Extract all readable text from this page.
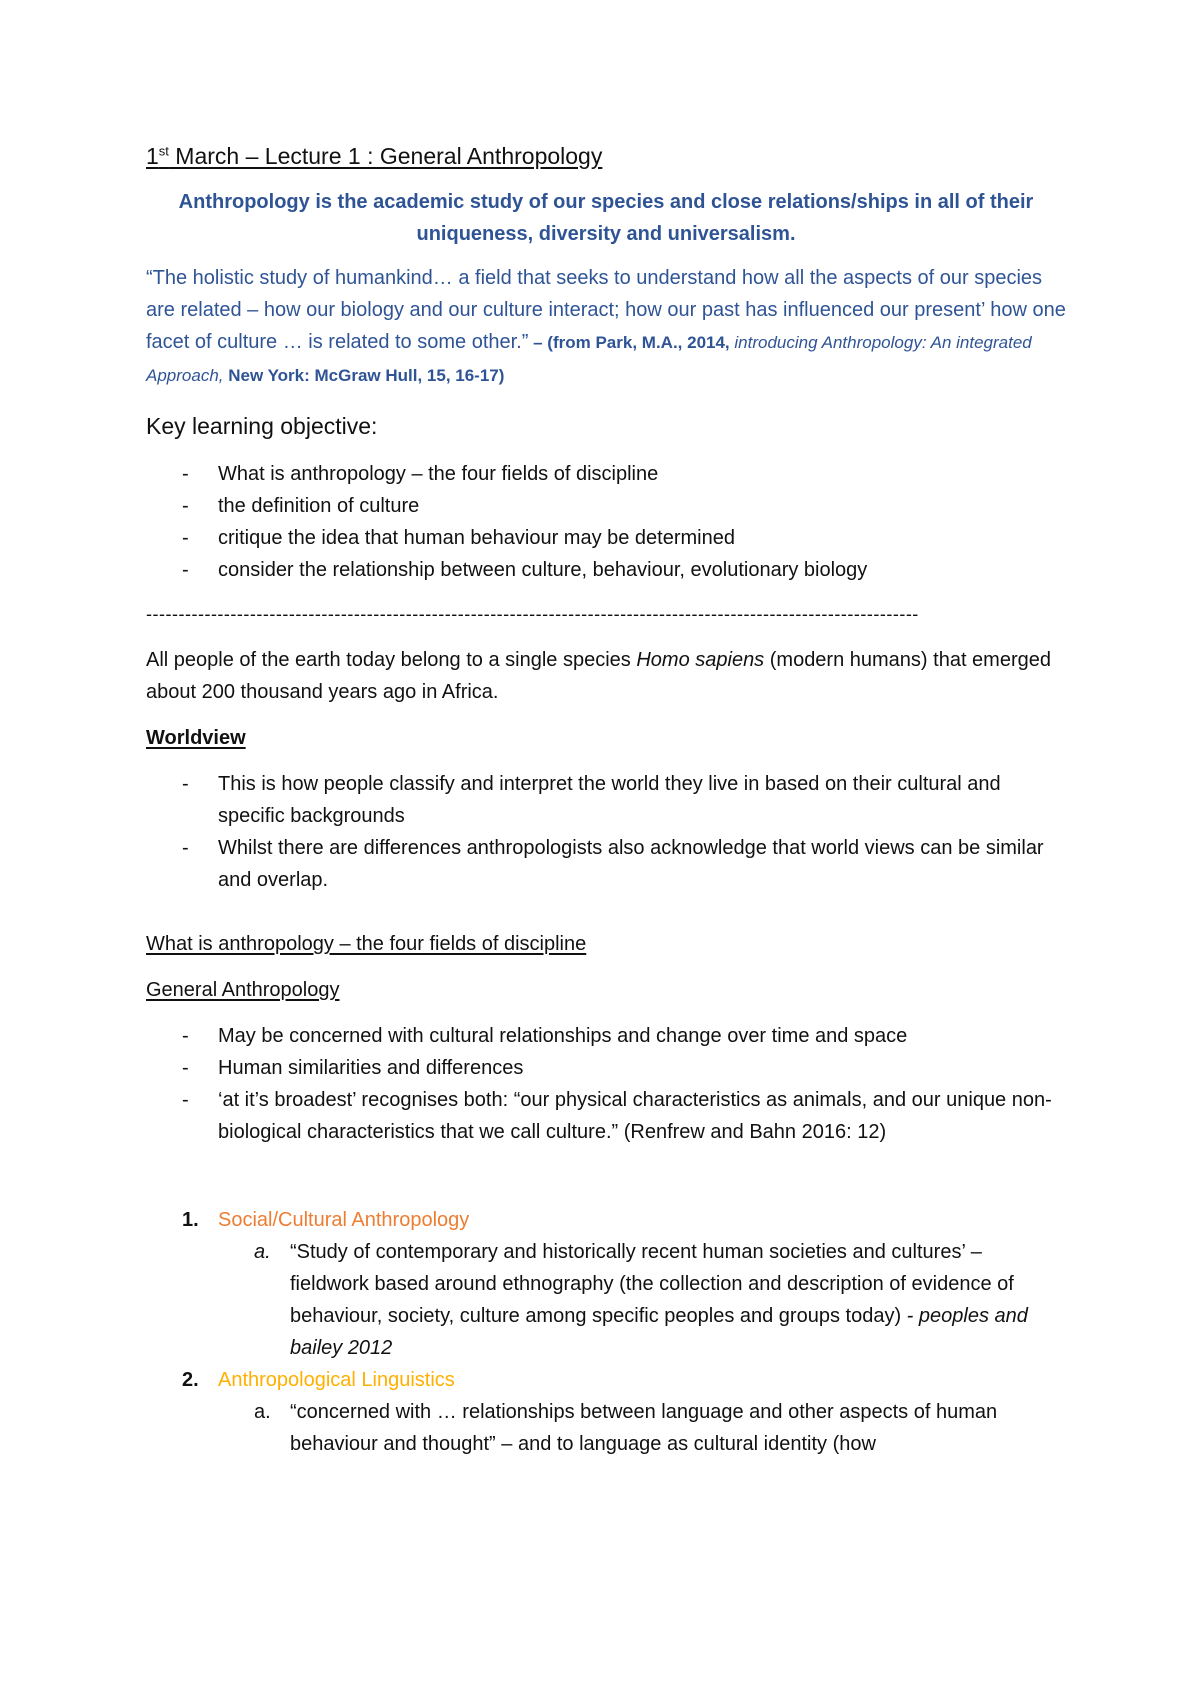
1st March – Lecture 1 : General Anthropology
Anthropology is the academic study of our species and close relations/ships in all of their uniqueness, diversity and universalism.
“The holistic study of humankind… a field that seeks to understand how all the aspects of our species are related – how our biology and our culture interact; how our past has influenced our present’ how one facet of culture … is related to some other.” – (from Park, M.A., 2014, introducing Anthropology: An integrated Approach, New York: McGraw Hull, 15, 16-17)
Key learning objective:
- What is anthropology – the four fields of discipline
- the definition of culture
- critique the idea that human behaviour may be determined
- consider the relationship between culture, behaviour, evolutionary biology
-----------------------------------------------------------------------------------------------------------------------

All people of the earth today belong to a single species Homo sapiens (modern humans) that emerged about 200 thousand years ago in Africa.

Worldview

- This is how people classify and interpret the world they live in based on their cultural and specific backgrounds
- Whilst there are differences anthropologists also acknowledge that world views can be similar and overlap.

What is anthropology – the four fields of discipline

General Anthropology

- May be concerned with cultural relationships and change over time and space
- Human similarities and differences
- ‘at it’s broadest’ recognises both: “our physical characteristics as animals, and our unique non-biological characteristics that we call culture.” (Renfrew and Bahn 2016: 12)
1. Social/Cultural Anthropology
a. “Study of contemporary and historically recent human societies and cultures’ – fieldwork based around ethnography (the collection and description of evidence of behaviour, society, culture among specific peoples and groups today) - peoples and bailey 2012
2. Anthropological Linguistics
a. “concerned with … relationships between language and other aspects of human behaviour and thought” – and to language as cultural identity (how
